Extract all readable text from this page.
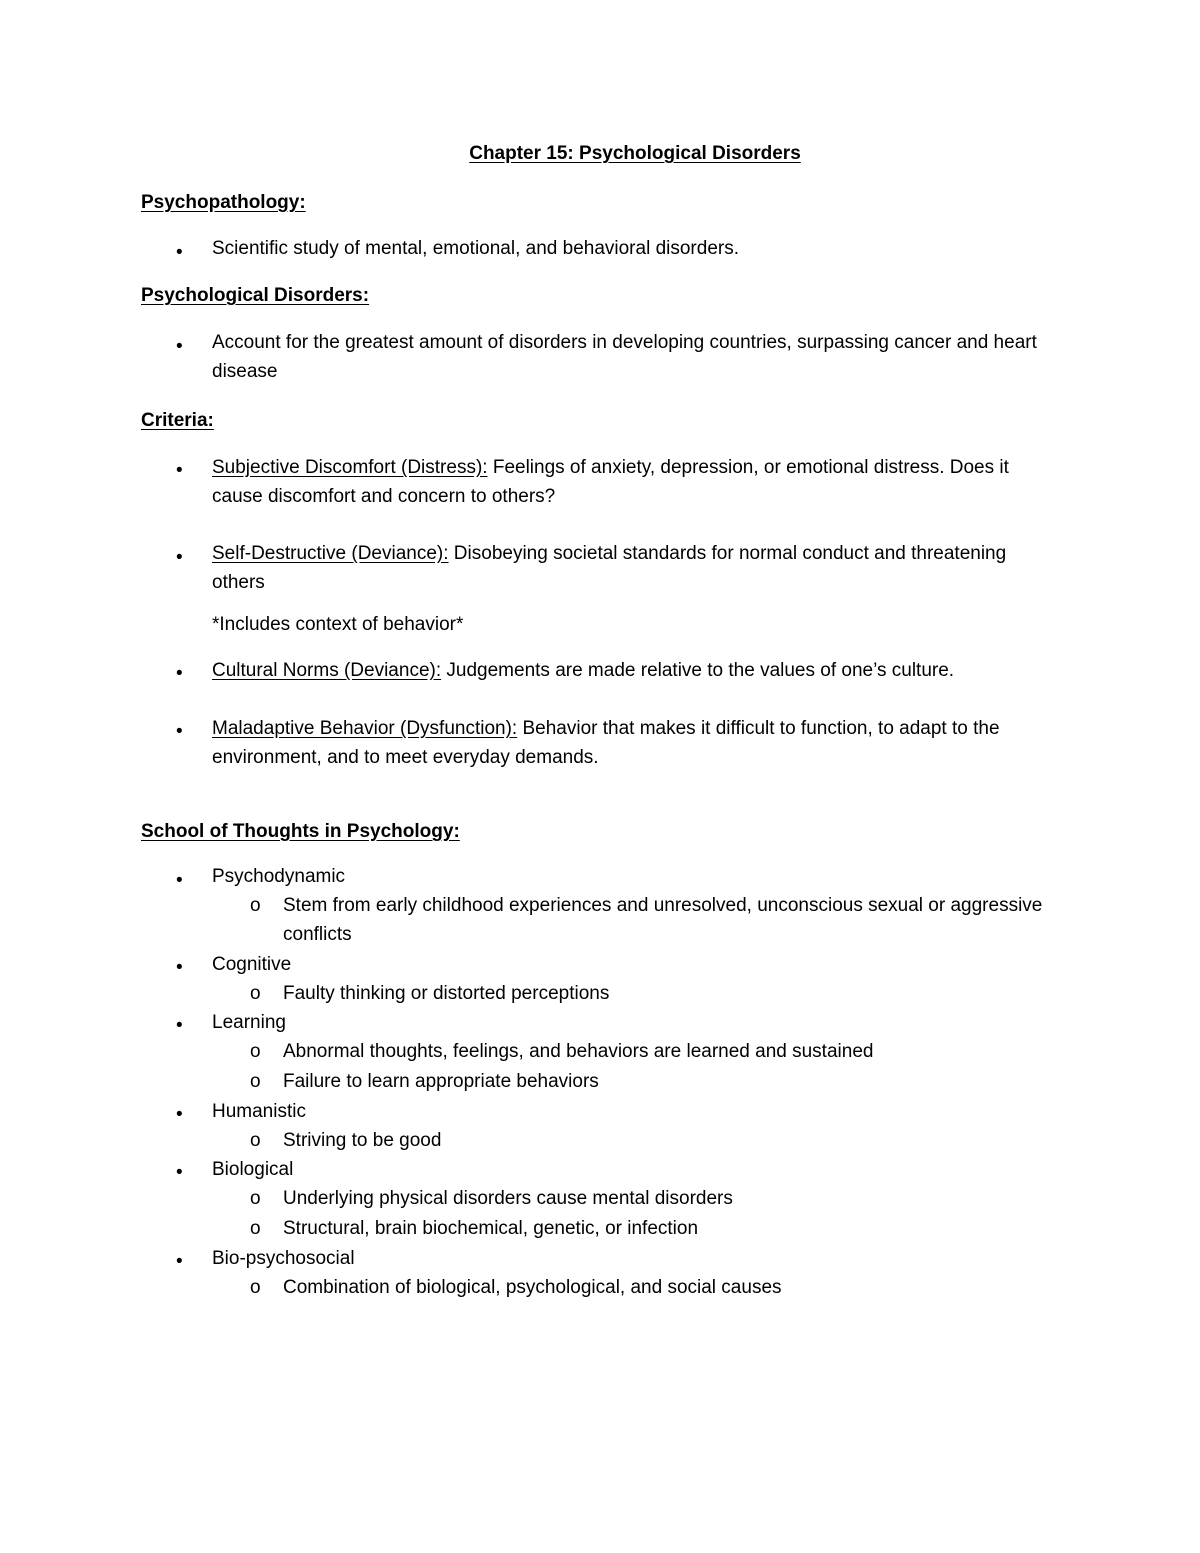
Chapter 15: Psychological Disorders
Psychopathology:
• Scientific study of mental, emotional, and behavioral disorders.
Psychological Disorders:
• Account for the greatest amount of disorders in developing countries, surpassing cancer and heart disease
Criteria:
• Subjective Discomfort (Distress): Feelings of anxiety, depression, or emotional distress. Does it cause discomfort and concern to others?
• Self-Destructive (Deviance): Disobeying societal standards for normal conduct and threatening others
*Includes context of behavior*
• Cultural Norms (Deviance): Judgements are made relative to the values of one’s culture.
• Maladaptive Behavior (Dysfunction): Behavior that makes it difficult to function, to adapt to the environment, and to meet everyday demands.
School of Thoughts in Psychology:
• Psychodynamic
o Stem from early childhood experiences and unresolved, unconscious sexual or aggressive conflicts
• Cognitive
o Faulty thinking or distorted perceptions
• Learning
o Abnormal thoughts, feelings, and behaviors are learned and sustained
o Failure to learn appropriate behaviors
• Humanistic
o Striving to be good
• Biological
o Underlying physical disorders cause mental disorders
o Structural, brain biochemical, genetic, or infection
• Bio-psychosocial
o Combination of biological, psychological, and social causes
